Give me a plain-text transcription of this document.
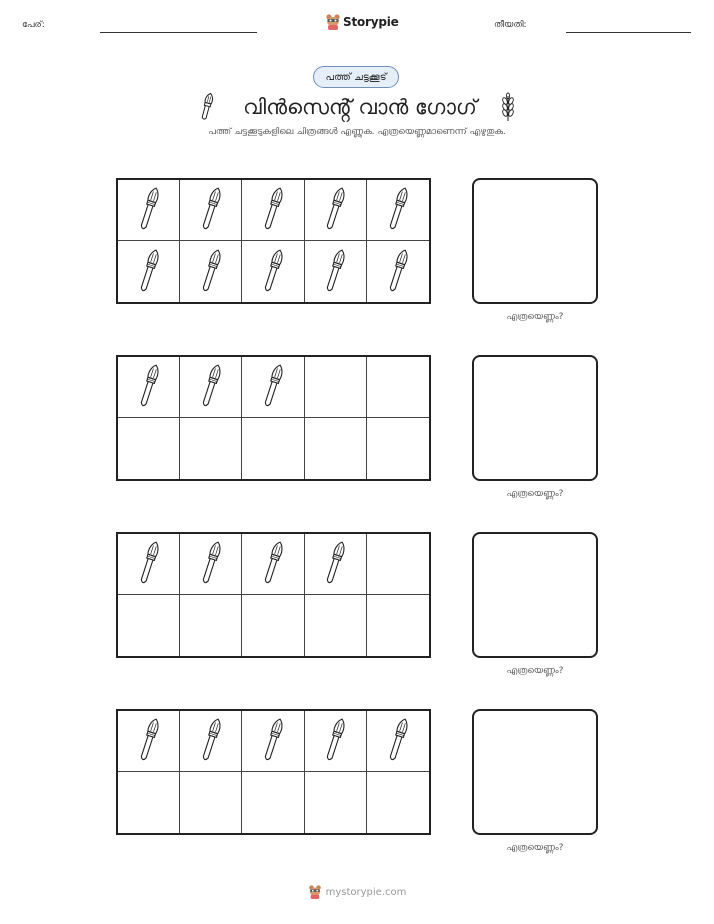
പേര്:	Storypie	തീയതി:
പത്ത് ചട്ടക്കൂട്
വിൻസെൻ്റ് വാൻ ഗോഗ്
പത്ത് ചട്ടക്കൂടുകളിലെ ചിത്രങ്ങൾ എണ്ണുക. എത്രയെണ്ണമാണെന്ന് എഴുതുക.
എത്രയെണ്ണം?
എത്രയെണ്ണം?
എത്രയെണ്ണം?
എത്രയെണ്ണം?
mystorypie.com
